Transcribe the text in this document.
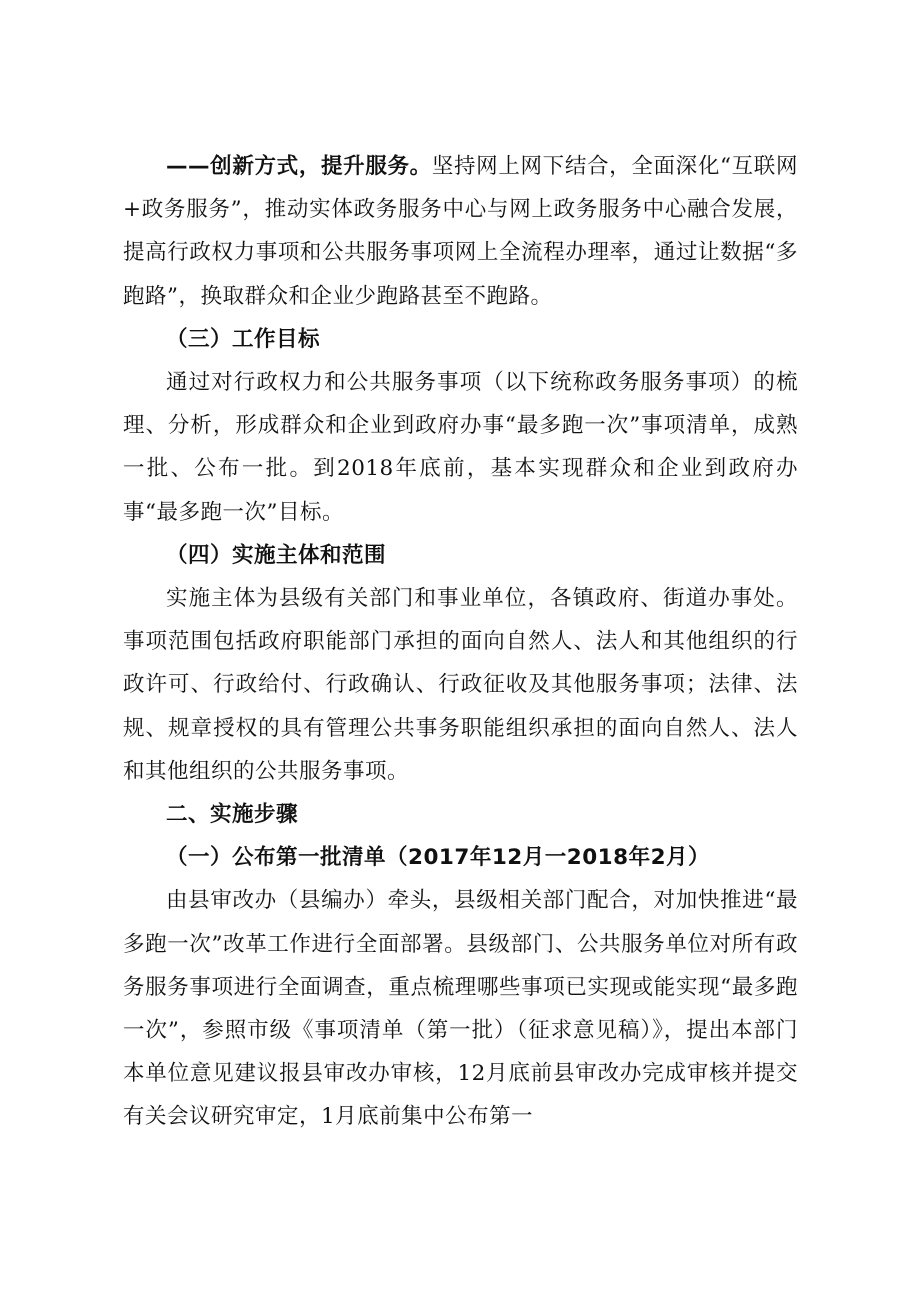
——创新方式，提升服务。坚持网上网下结合，全面深化“互联网+政务服务”，推动实体政务服务中心与网上政务服务中心融合发展，提高行政权力事项和公共服务事项网上全流程办理率，通过让数据“多跑路”，换取群众和企业少跑路甚至不跑路。

（三）工作目标

通过对行政权力和公共服务事项（以下统称政务服务事项）的梳理、分析，形成群众和企业到政府办事“最多跑一次”事项清单，成熟一批、公布一批。到2018年底前，基本实现群众和企业到政府办事“最多跑一次”目标。

（四）实施主体和范围

实施主体为县级有关部门和事业单位，各镇政府、街道办事处。事项范围包括政府职能部门承担的面向自然人、法人和其他组织的行政许可、行政给付、行政确认、行政征收及其他服务事项；法律、法规、规章授权的具有管理公共事务职能组织承担的面向自然人、法人和其他组织的公共服务事项。

二、实施步骤

（一）公布第一批清单（2017年12月一2018年2月）

由县审改办（县编办）牵头，县级相关部门配合，对加快推进“最多跑一次”改革工作进行全面部署。县级部门、公共服务单位对所有政务服务事项进行全面调查，重点梳理哪些事项已实现或能实现“最多跑一次”，参照市级《事项清单（第一批）（征求意见稿）》，提出本部门本单位意见建议报县审改办审核，12月底前县审改办完成审核并提交有关会议研究审定，1月底前集中公布第一
